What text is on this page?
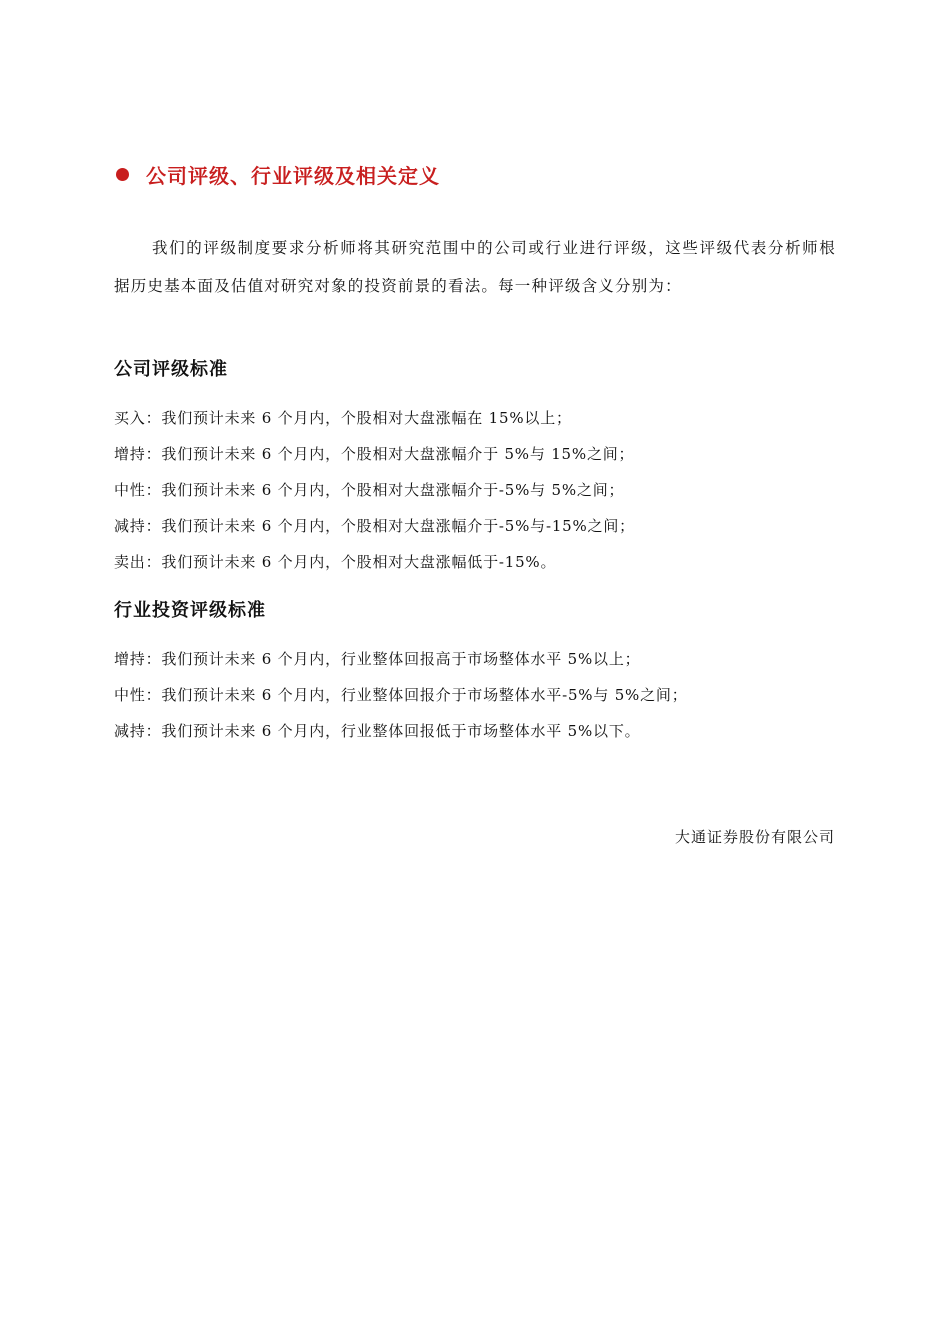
公司评级、行业评级及相关定义

我们的评级制度要求分析师将其研究范围中的公司或行业进行评级，这些评级代表分析师根据历史基本面及估值对研究对象的投资前景的看法。每一种评级含义分别为：

公司评级标准
买入：我们预计未来 6 个月内，个股相对大盘涨幅在 15%以上；
增持：我们预计未来 6 个月内，个股相对大盘涨幅介于 5%与 15%之间；
中性：我们预计未来 6 个月内，个股相对大盘涨幅介于-5%与 5%之间；
减持：我们预计未来 6 个月内，个股相对大盘涨幅介于-5%与-15%之间；
卖出：我们预计未来 6 个月内，个股相对大盘涨幅低于-15%。
行业投资评级标准
增持：我们预计未来 6 个月内，行业整体回报高于市场整体水平 5%以上；
中性：我们预计未来 6 个月内，行业整体回报介于市场整体水平-5%与 5%之间；
减持：我们预计未来 6 个月内，行业整体回报低于市场整体水平 5%以下。
大通证券股份有限公司
